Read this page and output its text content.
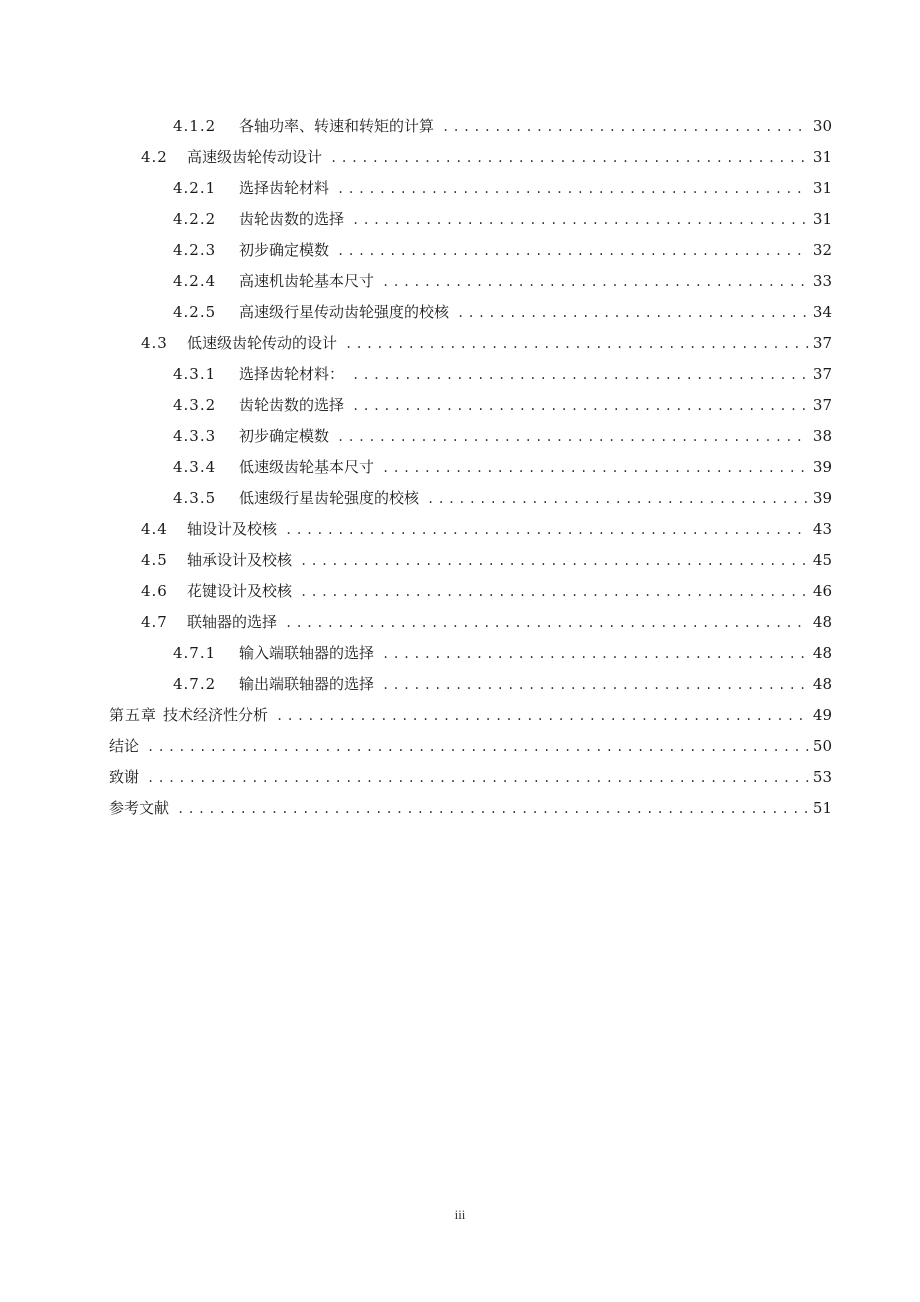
4.1.2	各轴功率、转速和转矩的计算 .....	30
4.2	高速级齿轮传动设计 .....	31
4.2.1	选择齿轮材料 .....	31
4.2.2	齿轮齿数的选择 .....	31
4.2.3	初步确定模数 .....	32
4.2.4	高速机齿轮基本尺寸 .....	33
4.2.5	高速级行星传动齿轮强度的校核 .....	34
4.3	低速级齿轮传动的设计 .....	37
4.3.1	选择齿轮材料： .....	37
4.3.2	齿轮齿数的选择 .....	37
4.3.3	初步确定模数 .....	38
4.3.4	低速级齿轮基本尺寸 .....	39
4.3.5	低速级行星齿轮强度的校核 .....	39
4.4	轴设计及校核 .....	43
4.5	轴承设计及校核 .....	45
4.6	花键设计及校核 .....	46
4.7	联轴器的选择 .....	48
4.7.1	输入端联轴器的选择 .....	48
4.7.2	输出端联轴器的选择 .....	48
第五章 技术经济性分析 .....	49
结论 .....	50
致谢 .....	53
参考文献 .....	51
iii
